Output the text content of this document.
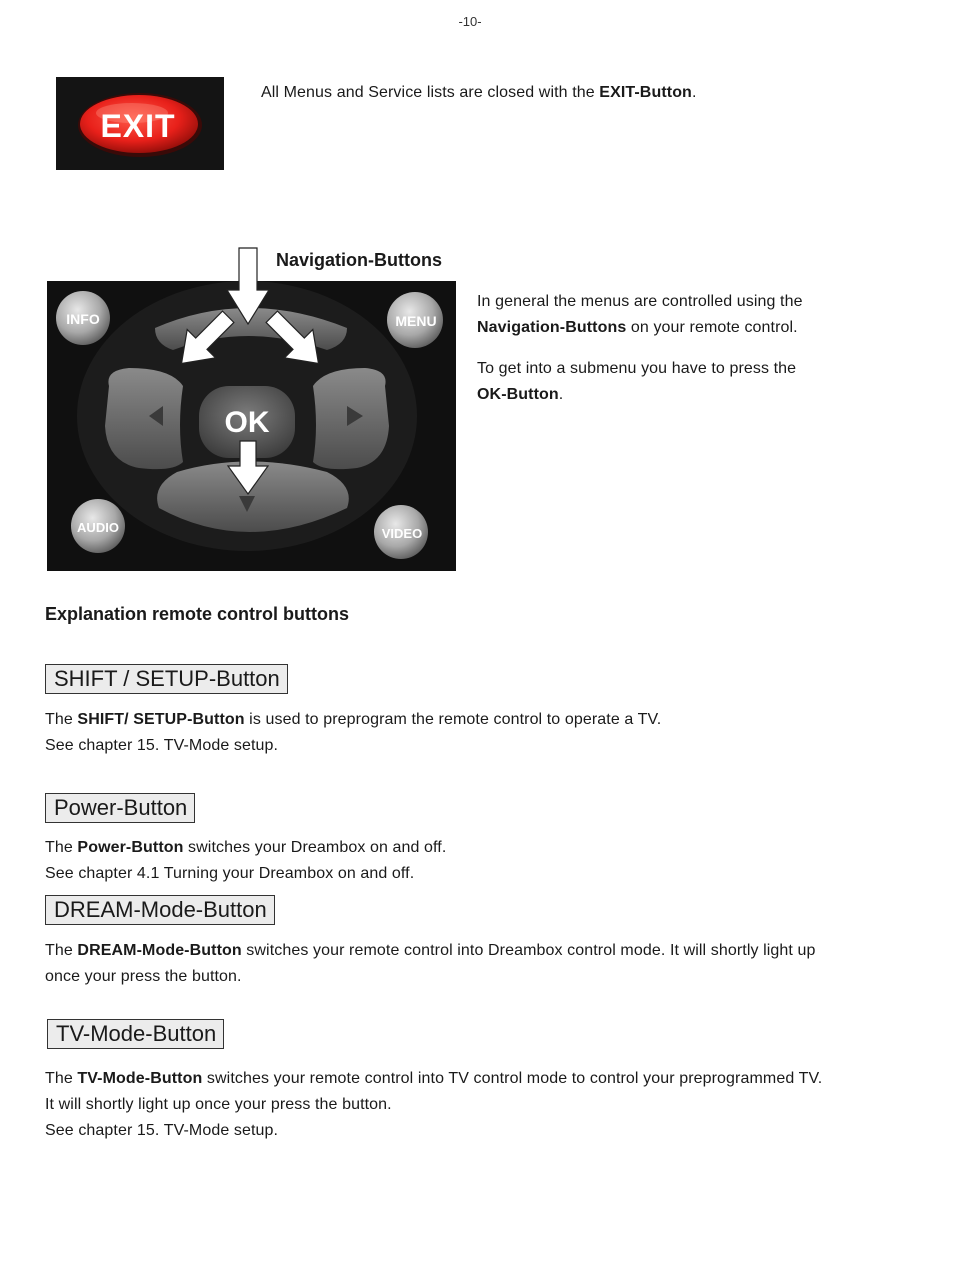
-10-
EXIT
All Menus and Service lists are closed with the EXIT-Button.
Navigation-Buttons
OK
INFO	MENU
AUDIO	VIDEO
In general the menus are controlled using the
Navigation-Buttons on your remote control.
To get into a submenu you have to press the
OK-Button.
Explanation remote control buttons
SHIFT / SETUP-Button
The SHIFT/ SETUP-Button is used to preprogram the remote control to operate a TV.
See chapter 15. TV-Mode setup.
Power-Button
The Power-Button switches your Dreambox on and off.
See chapter 4.1 Turning your Dreambox on and off.
DREAM-Mode-Button
The DREAM-Mode-Button switches your remote control into Dreambox control mode. It will shortly light up
once your press the button.
TV-Mode-Button
The TV-Mode-Button switches your remote control into TV control mode to control your preprogrammed TV.
It will shortly light up once your press the button.
See chapter 15. TV-Mode setup.
